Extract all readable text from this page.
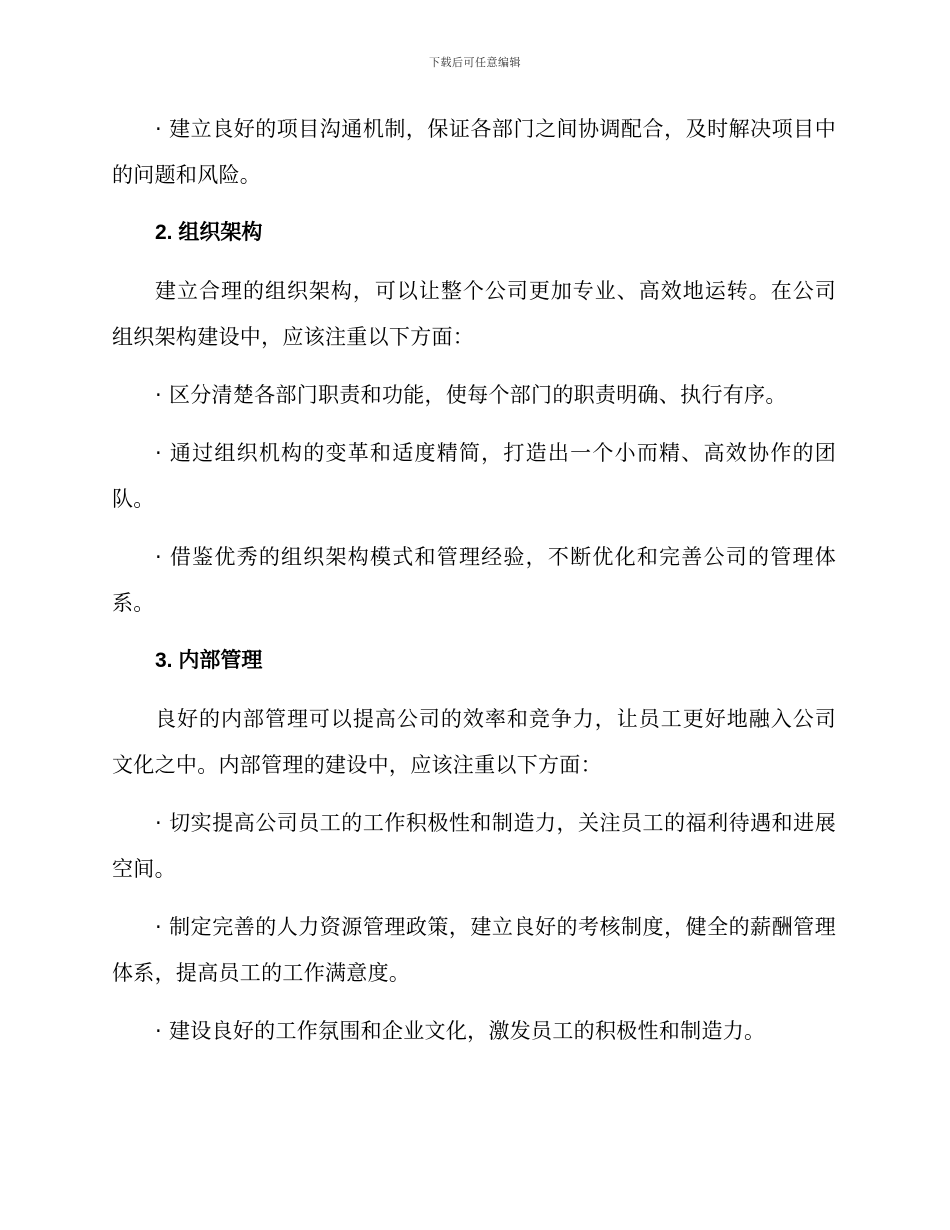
下载后可任意编辑

· 建立良好的项目沟通机制，保证各部门之间协调配合，及时解决项目中的问题和风险。

2. 组织架构

建立合理的组织架构，可以让整个公司更加专业、高效地运转。在公司组织架构建设中，应该注重以下方面：

· 区分清楚各部门职责和功能，使每个部门的职责明确、执行有序。

· 通过组织机构的变革和适度精简，打造出一个小而精、高效协作的团队。

· 借鉴优秀的组织架构模式和管理经验，不断优化和完善公司的管理体系。

3. 内部管理

良好的内部管理可以提高公司的效率和竞争力，让员工更好地融入公司文化之中。内部管理的建设中，应该注重以下方面：

· 切实提高公司员工的工作积极性和制造力，关注员工的福利待遇和进展空间。

· 制定完善的人力资源管理政策，建立良好的考核制度，健全的薪酬管理体系，提高员工的工作满意度。

· 建设良好的工作氛围和企业文化，激发员工的积极性和制造力。
